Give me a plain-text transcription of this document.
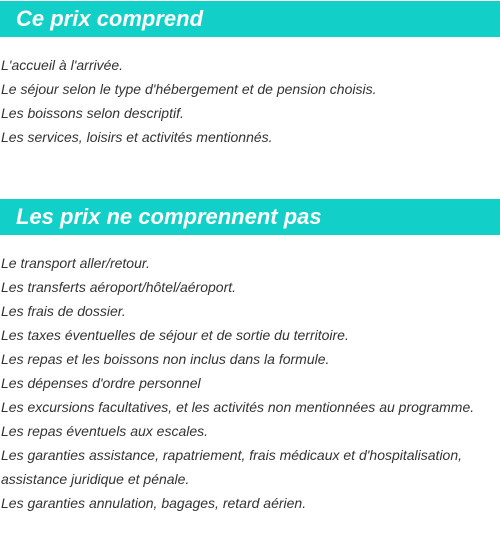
Ce prix comprend
L'accueil à l'arrivée.
Le séjour selon le type d'hébergement et de pension choisis.
Les boissons selon descriptif.
Les services, loisirs et activités mentionnés.
Les prix ne comprennent pas
Le transport aller/retour.
Les transferts aéroport/hôtel/aéroport.
Les frais de dossier.
Les taxes éventuelles de séjour et de sortie du territoire.
Les repas et les boissons non inclus dans la formule.
Les dépenses d'ordre personnel
Les excursions facultatives, et les activités non mentionnées au programme.
Les repas éventuels aux escales.
Les garanties assistance, rapatriement, frais médicaux et d'hospitalisation,
assistance juridique et pénale.
Les garanties annulation, bagages, retard aérien.
